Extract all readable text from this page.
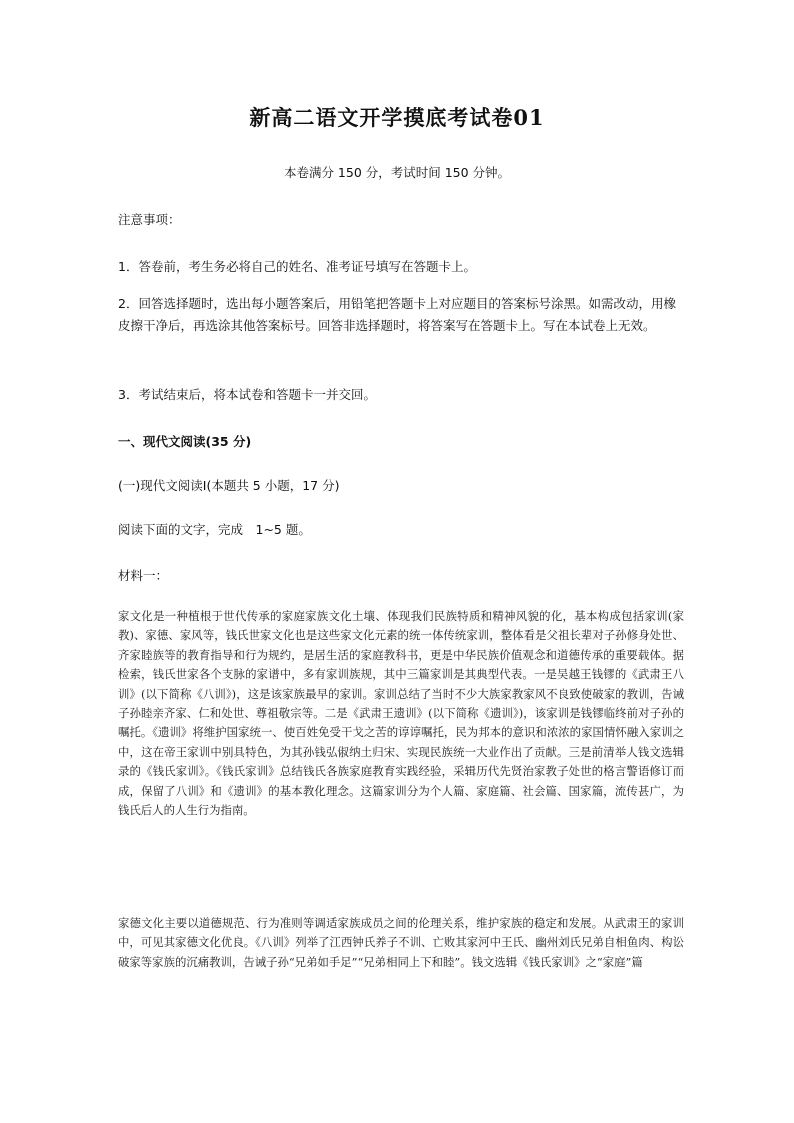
新高二语文开学摸底考试卷01
本卷满分 150 分，考试时间 150 分钟。
注意事项：
1．答卷前，考生务必将自己的姓名、准考证号填写在答题卡上。
2．回答选择题时，选出每小题答案后，用铅笔把答题卡上对应题目的答案标号涂黑。如需改动，用橡皮擦干净后，再选涂其他答案标号。回答非选择题时，将答案写在答题卡上。写在本试卷上无效。
3．考试结束后，将本试卷和答题卡一并交回。
一、现代文阅读(35 分)
(一)现代文阅读Ⅰ(本题共 5 小题，17 分)
阅读下面的文字，完成　1~5 题。
材料一：
家文化是一种植根于世代传承的家庭家族文化土壤、体现我们民族特质和精神风貌的化，基本构成包括家训(家教)、家德、家风等，钱氏世家文化也是这些家文化元素的统一体传统家训，整体看是父祖长辈对子孙修身处世、齐家睦族等的教育指导和行为规约，是居生活的家庭教科书，更是中华民族价值观念和道德传承的重要载体。据检索，钱氏世家各个支脉的家谱中，多有家训族规，其中三篇家训是其典型代表。一是吴越王钱镠的《武肃王八训》(以下简称《八训》)，这是该家族最早的家训。家训总结了当时不少大族家教家风不良致使破家的教训，告诫子孙睦亲齐家、仁和处世、尊祖敬宗等。二是《武肃王遗训》(以下简称《遗训》)，该家训是钱镠临终前对子孙的嘱托。《遗训》将维护国家统一、使百姓免受干戈之苦的谆谆嘱托，民为邦本的意识和浓浓的家国情怀融入家训之中，这在帝王家训中别具特色，为其孙钱弘俶纳土归宋、实现民族统一大业作出了贡献。三是前清举人钱文选辑录的《钱氏家训》。《钱氏家训》总结钱氏各族家庭教育实践经验，采辑历代先贤治家教子处世的格言警语修订而成，保留了八训》和《遗训》的基本教化理念。这篇家训分为个人篇、家庭篇、社会篇、国家篇，流传甚广，为钱氏后人的人生行为指南。
家德文化主要以道德规范、行为准则等调适家族成员之间的伦理关系，维护家族的稳定和发展。从武肃王的家训中，可见其家德文化优良。《八训》列举了江西钟氏养子不训、亡败其家河中王氏、幽州刘氏兄弟自相鱼肉、构讼破家等家族的沉痛教训，告诫子孙“兄弟如手足”“兄弟相同上下和睦”。钱文选辑《钱氏家训》之“家庭”篇
